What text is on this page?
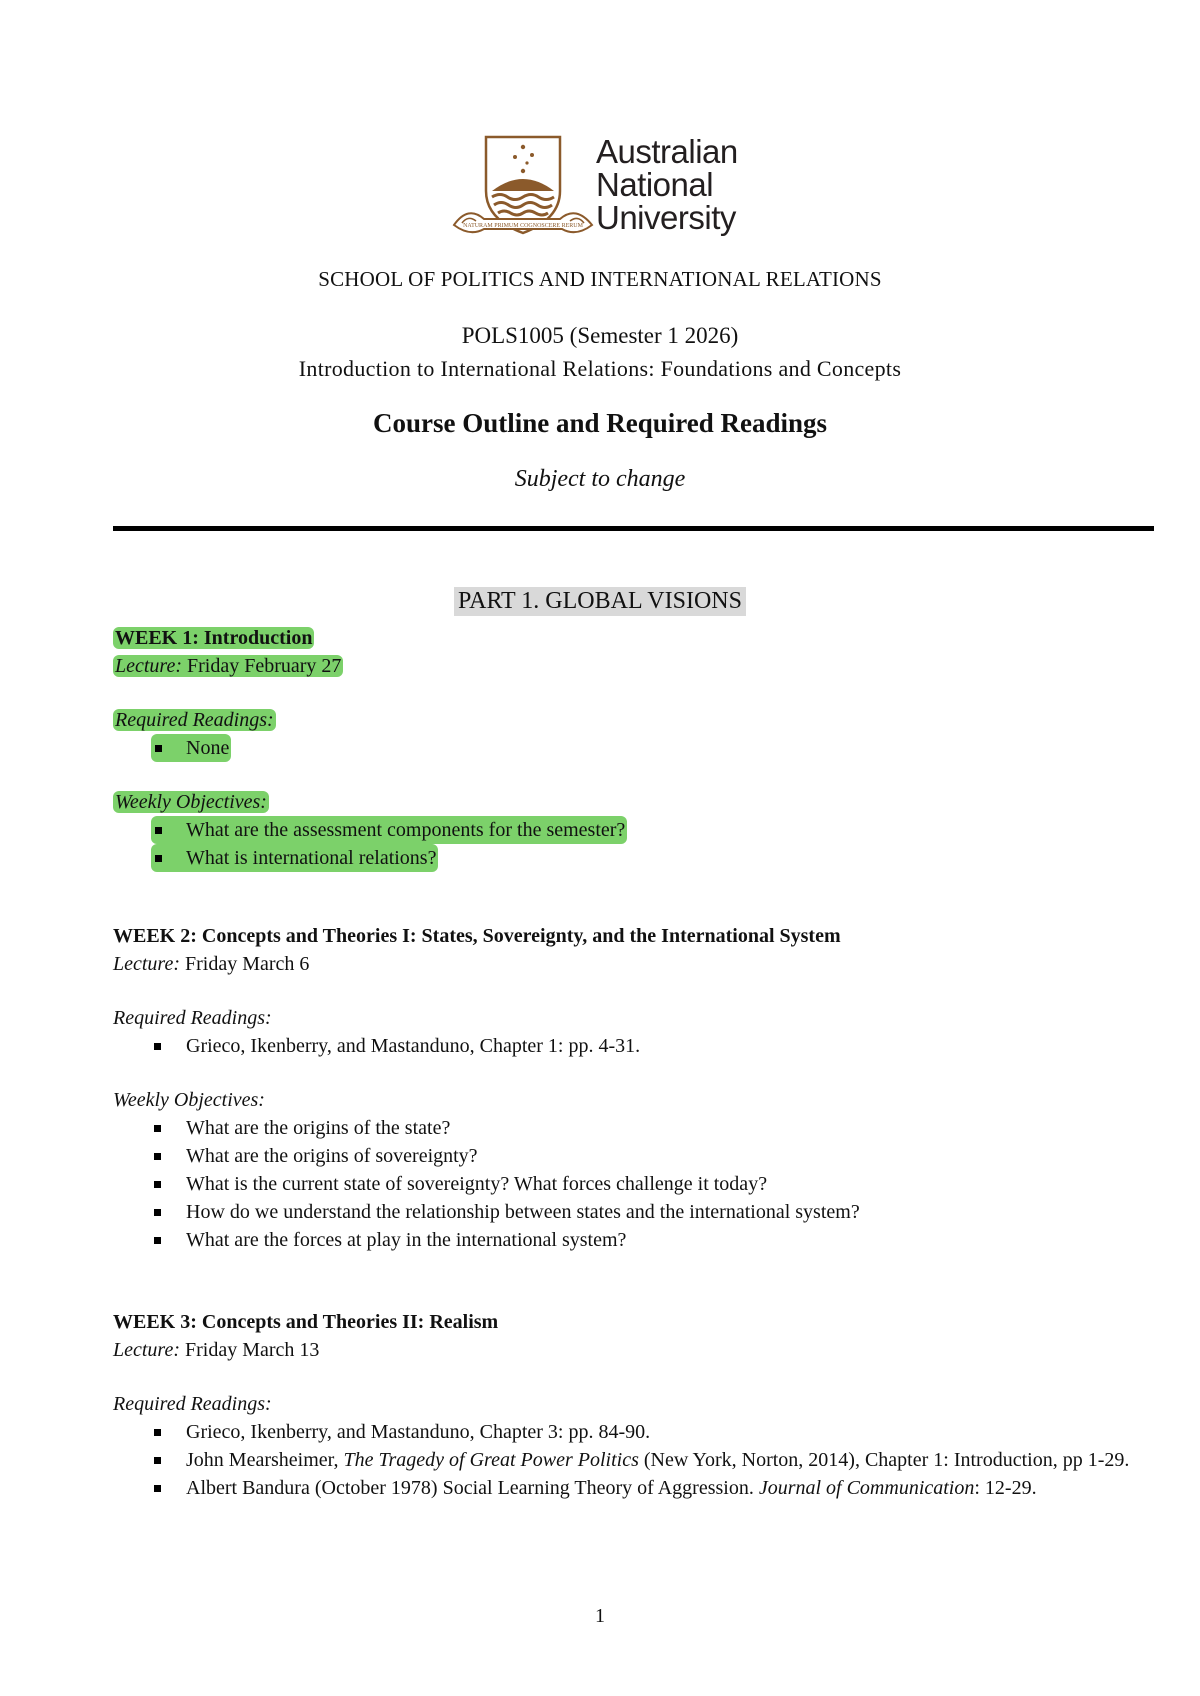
NATURAM PRIMUM COGNOSCERE RERUM
Australian
National
University
SCHOOL OF POLITICS AND INTERNATIONAL RELATIONS
POLS1005 (Semester 1 2026)
Introduction to International Relations: Foundations and Concepts
Course Outline and Required Readings
Subject to change
PART 1. GLOBAL VISIONS
WEEK 1: Introduction
Lecture: Friday February 27
Required Readings:
None
Weekly Objectives:
What are the assessment components for the semester?
What is international relations?
WEEK 2: Concepts and Theories I: States, Sovereignty, and the International System
Lecture: Friday March 6
Required Readings:
Grieco, Ikenberry, and Mastanduno, Chapter 1: pp. 4-31.
Weekly Objectives:
What are the origins of the state?
What are the origins of sovereignty?
What is the current state of sovereignty? What forces challenge it today?
How do we understand the relationship between states and the international system?
What are the forces at play in the international system?
WEEK 3: Concepts and Theories II: Realism
Lecture: Friday March 13
Required Readings:
Grieco, Ikenberry, and Mastanduno, Chapter 3: pp. 84-90.
John Mearsheimer, The Tragedy of Great Power Politics (New York, Norton, 2014), Chapter 1: Introduction, pp 1-29.
Albert Bandura (October 1978) Social Learning Theory of Aggression. Journal of Communication: 12-29.
1
